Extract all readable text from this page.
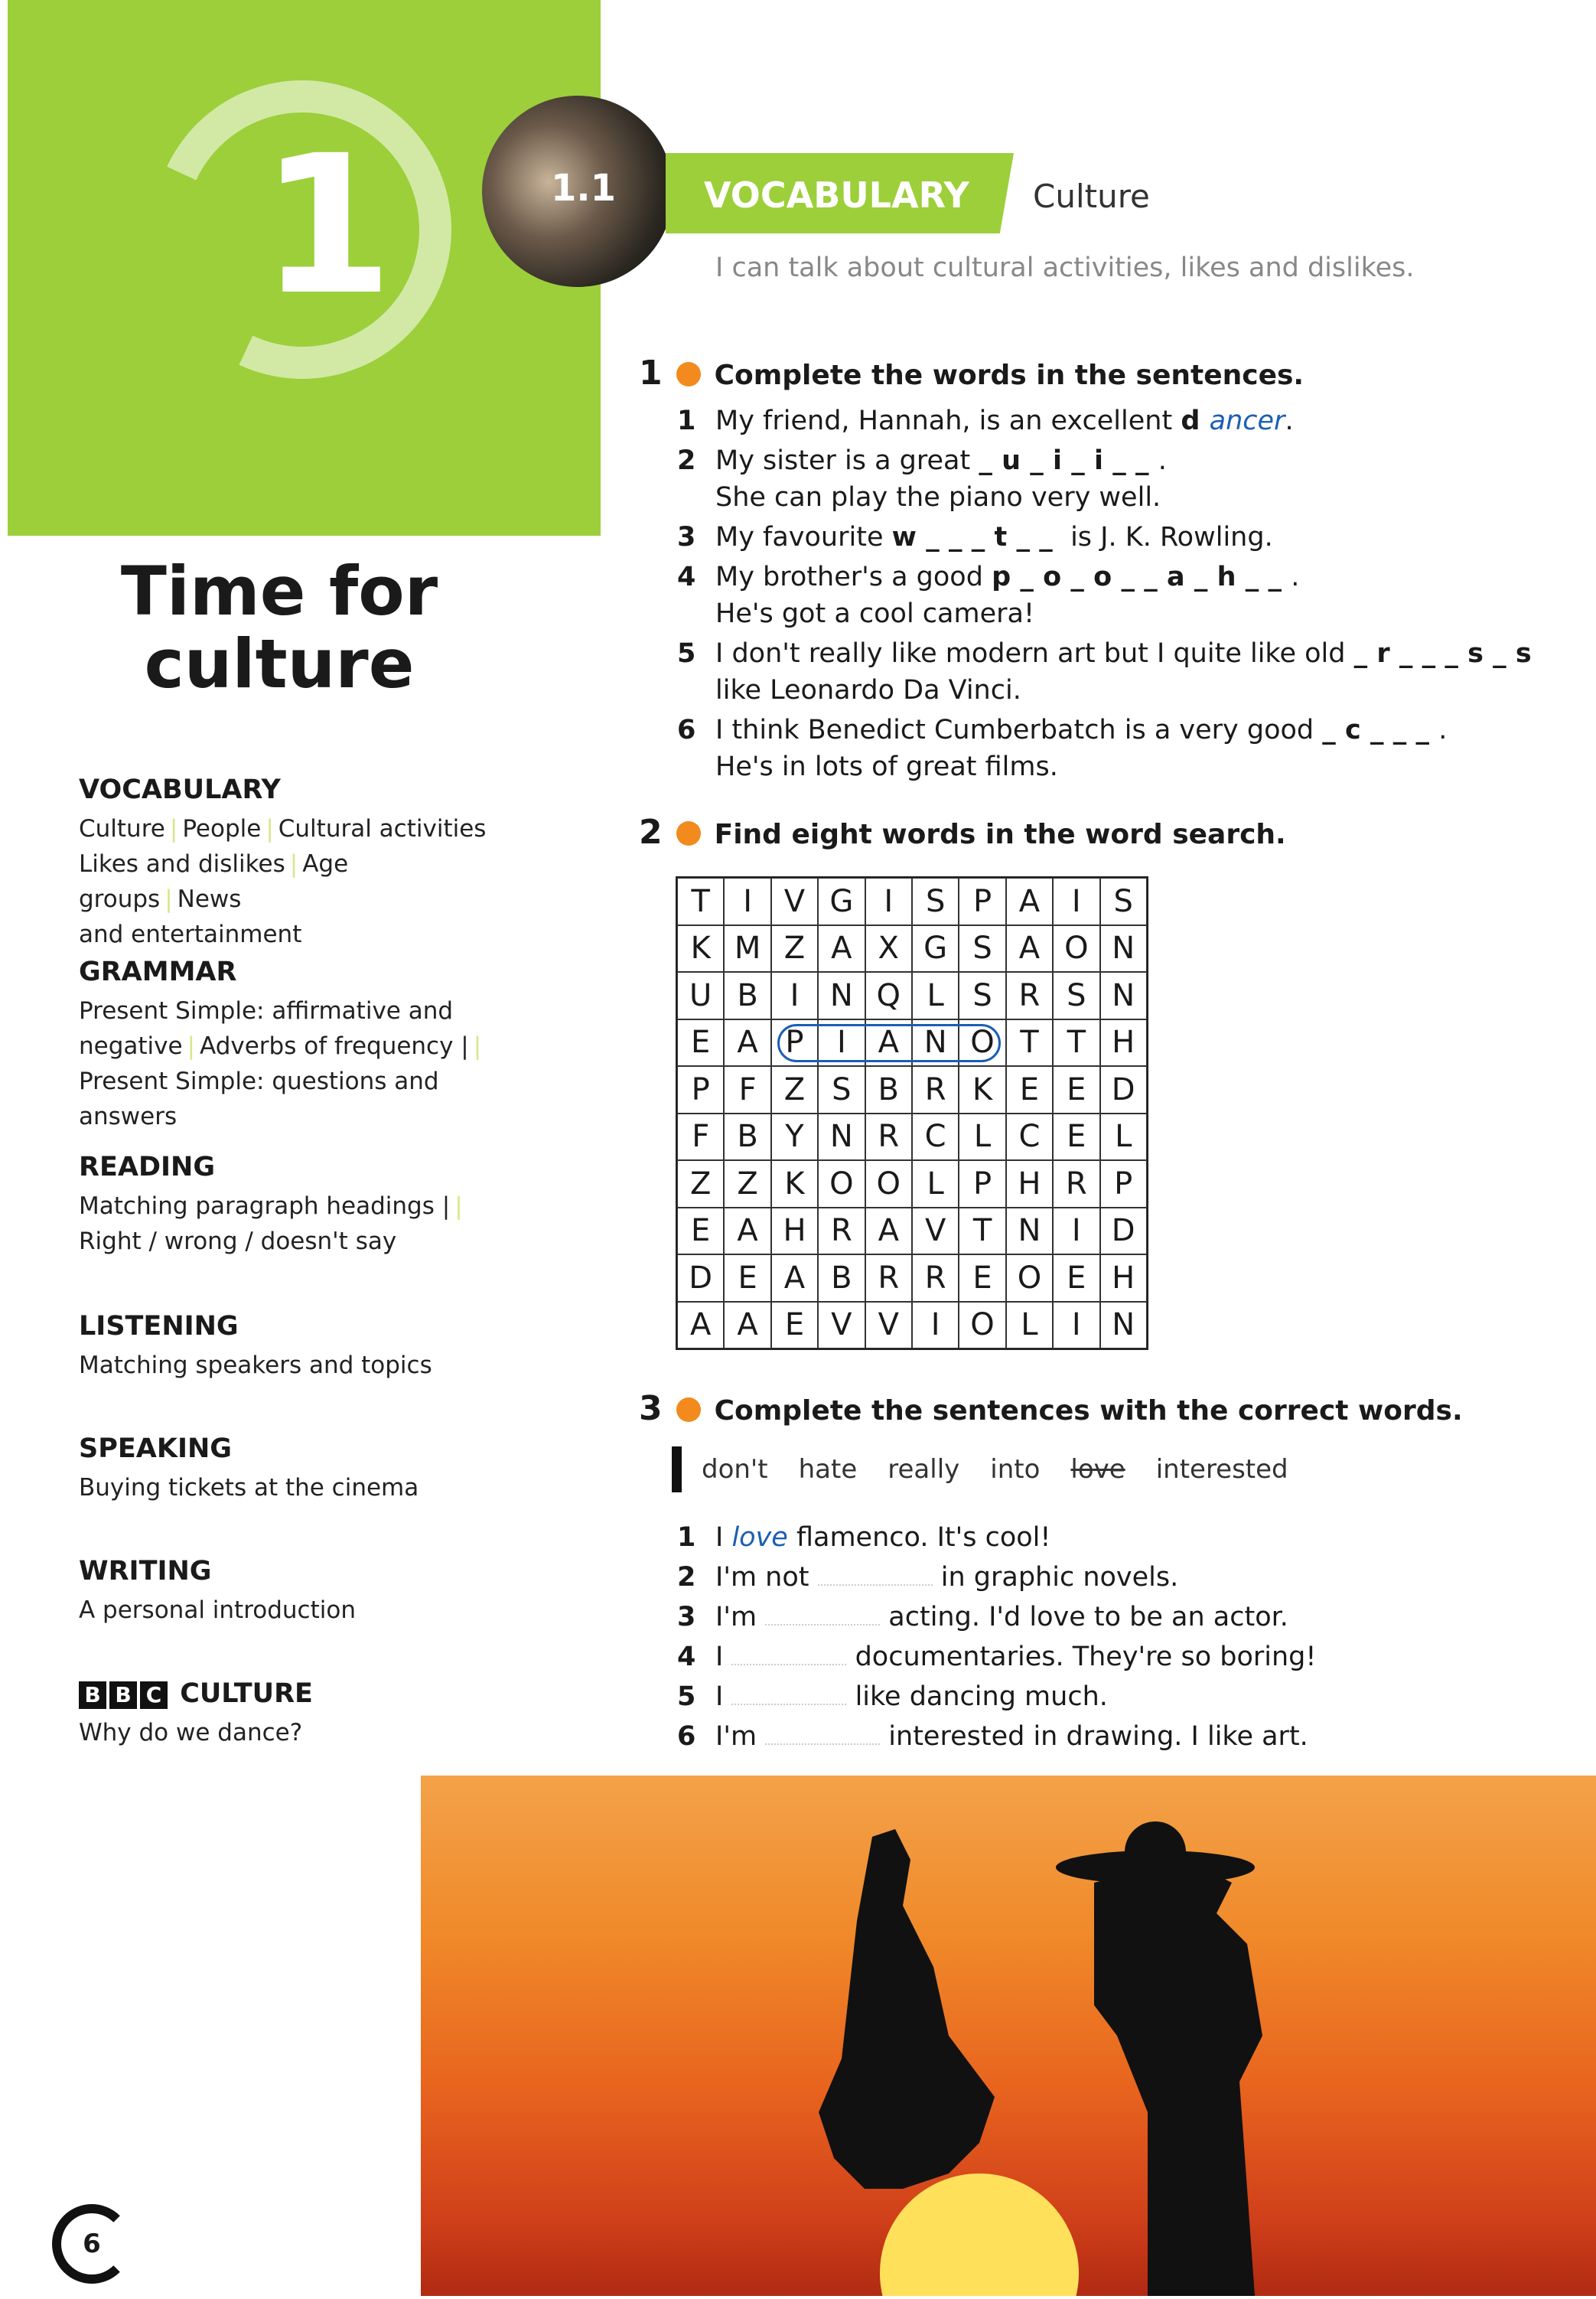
1	1.1 VOCABULARY Culture
I can talk about cultural activities, likes and dislikes.
Time for
culture
VOCABULARY

Culture | People | Cultural activities

Likes and dislikes | Age groups | News

and entertainment

GRAMMAR

Present Simple: affirmative and

negative | Adverbs of frequency | |

Present Simple: questions and answers

READING

Matching paragraph headings | |

Right / wrong / doesn't say

LISTENING

Matching speakers and topics

SPEAKING

Buying tickets at the cinema

WRITING

A personal introduction

B B C CULTURE

Why do we dance?

1 Complete the words in the sentences.
1 My friend, Hannah, is an excellent dancer.
2 My sister is a great _u_i_i__.
She can play the piano very well.
3 My favourite w___t__ is J. K. Rowling.
4 My brother's a good p_o_o__a_h__.
He's got a cool camera!
5 I don't really like modern art but I quite like old _r___s_s
like Leonardo Da Vinci.
6 I think Benedict Cumberbatch is a very good _c___.
He's in lots of great films.
2 Find eight words in the word search.
T	I	V G	I	S P A	I	S
K M Z A X G S A O N
U B	I	N Q L S R S N
E A P	I	A N O T T H
P F Z S B R K E E D
F B Y N R C L C E L
Z Z K O O L P H R P
E A H R A V T N	I	D
D E A B R R E O E H
A A E V V	I O L	I	N
3 Complete the sentences with the correct words.
don't hate really into love interested
1 I love flamenco. It's cool!
2 I'm not	in graphic novels.
3 I'm	acting. I'd love to be an actor.
4 I	documentaries. They're so boring!
5 I	like dancing much.
6 I'm	interested in drawing. I like art.
6
